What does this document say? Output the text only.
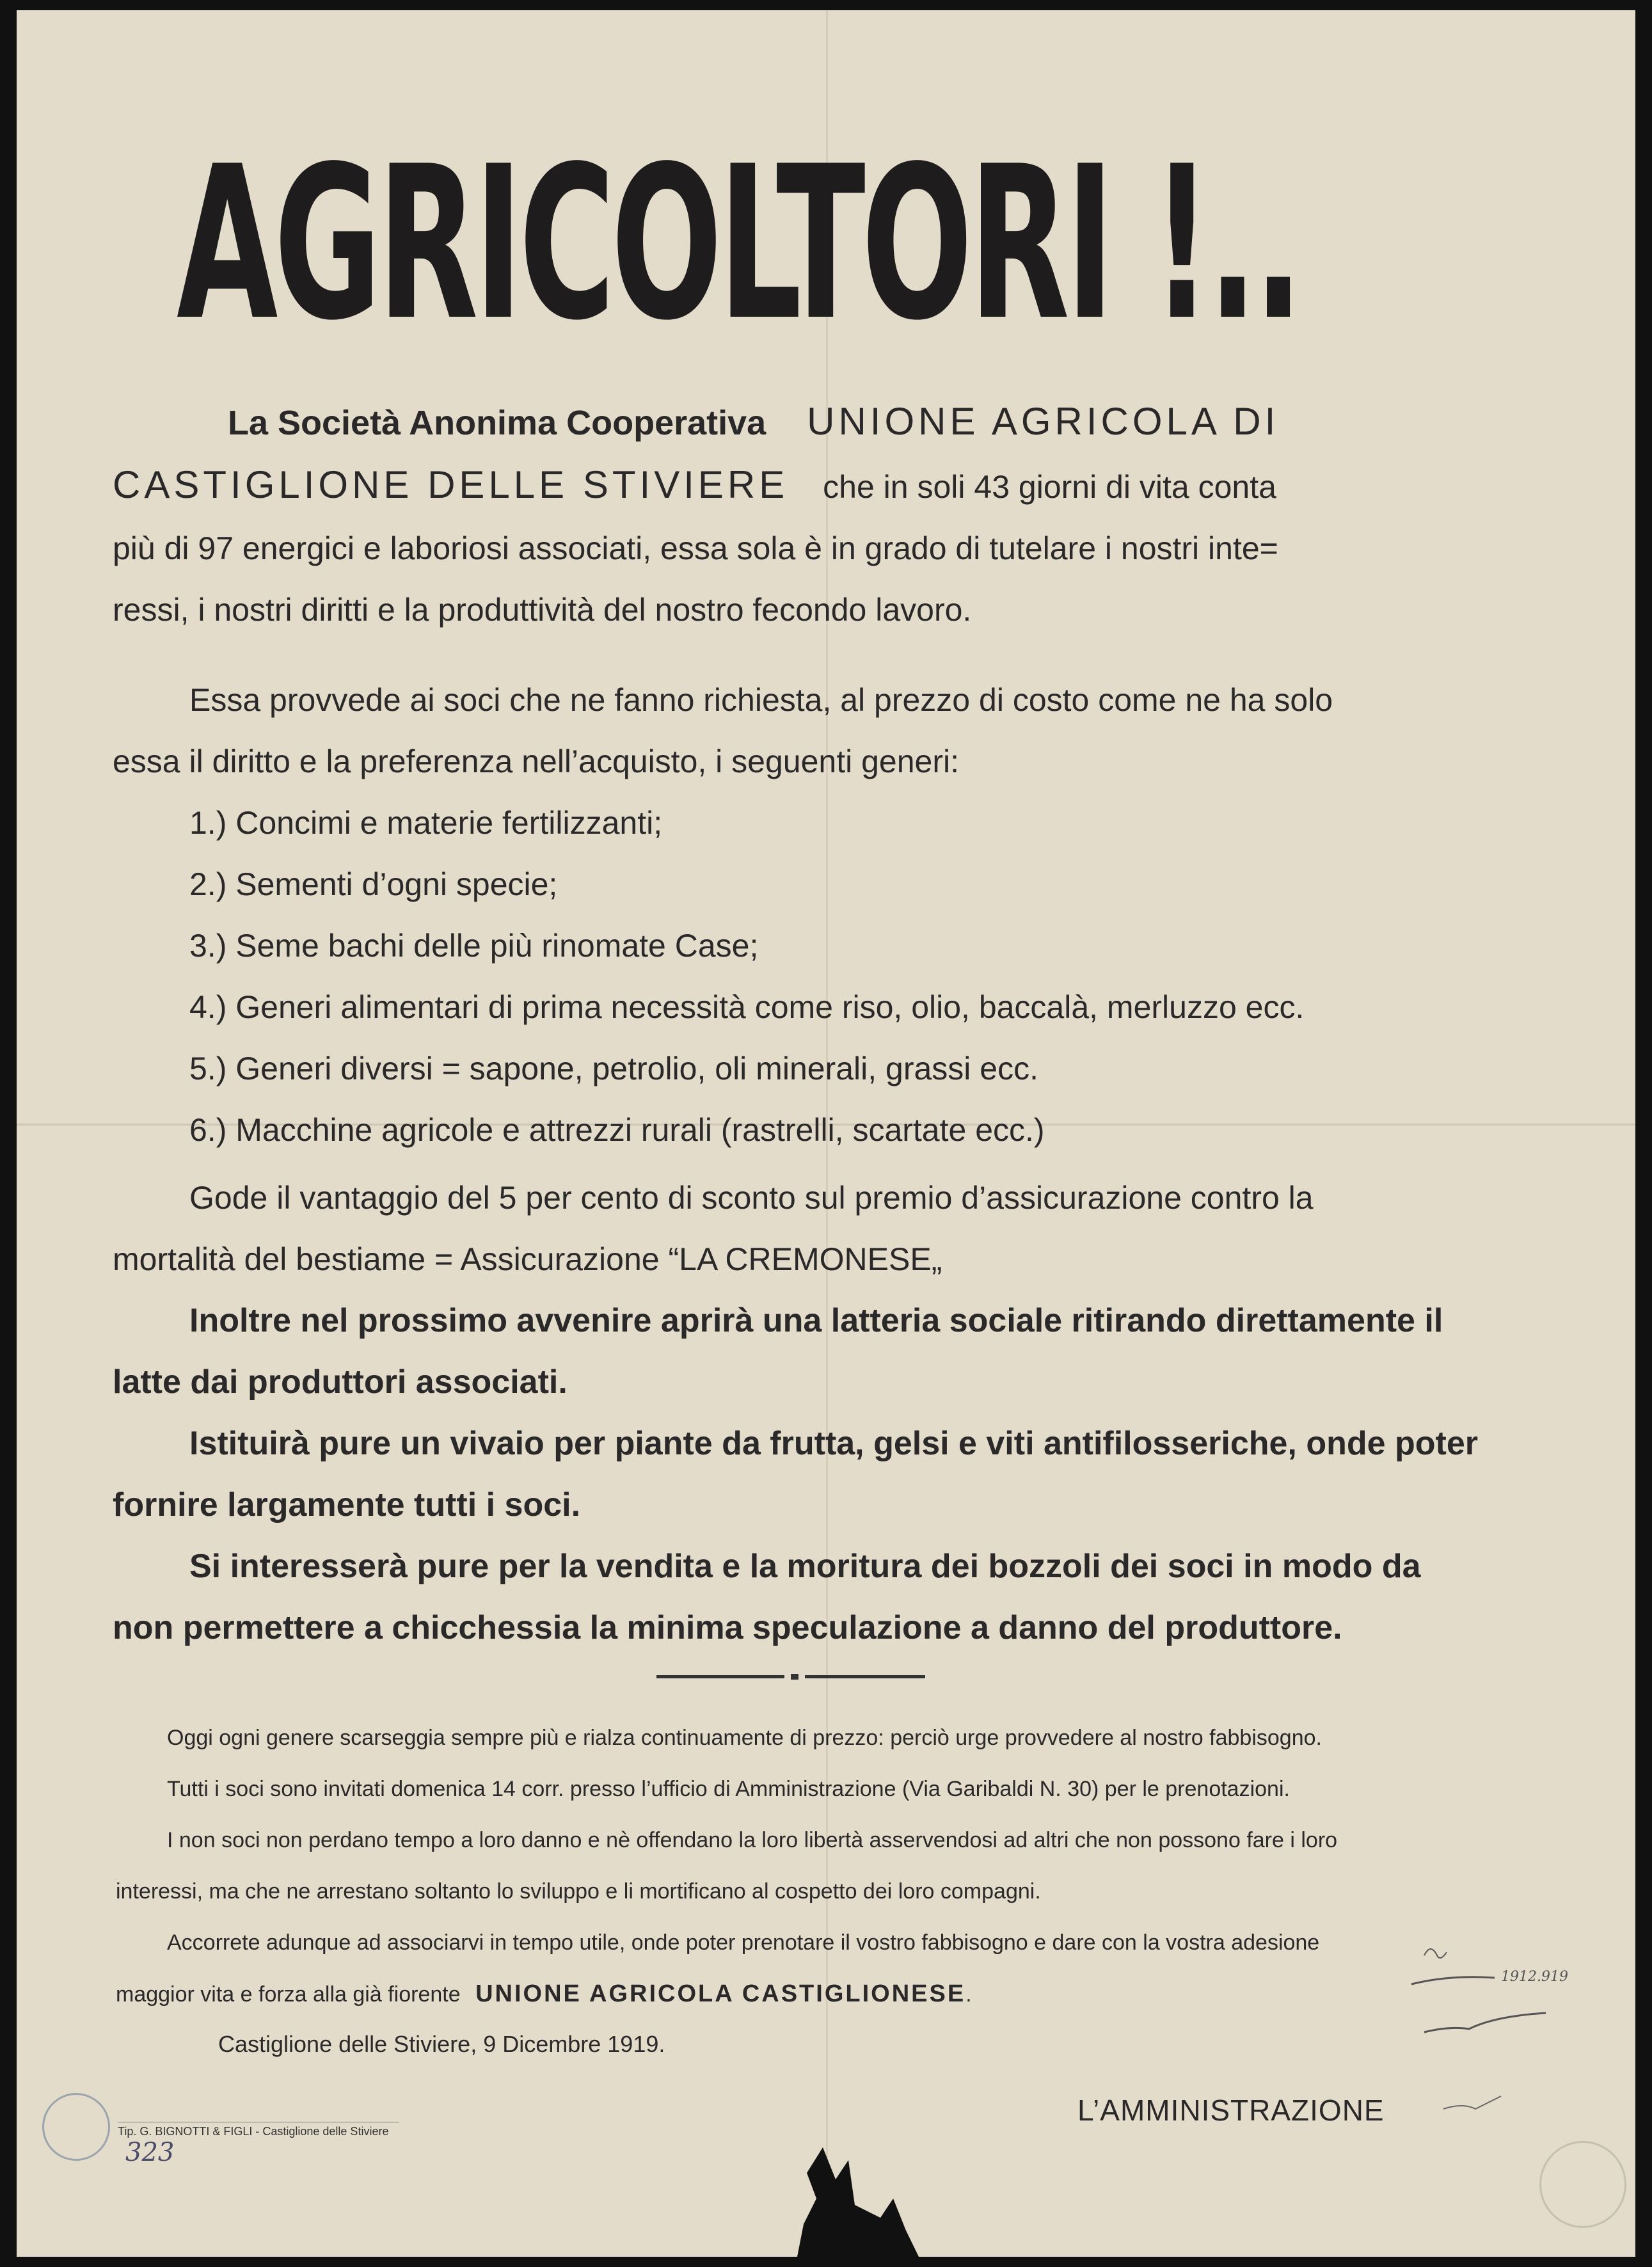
AGRICOLTORI !..
La Società Anonima Cooperativa UNIONE AGRICOLA DI
CASTIGLIONE DELLE STIVIERE che in soli 43 giorni di vita conta
più di 97 energici e laboriosi associati, essa sola è in grado di tutelare i nostri inte=
ressi, i nostri diritti e la produttività del nostro fecondo lavoro.
Essa provvede ai soci che ne fanno richiesta, al prezzo di costo come ne ha solo
essa il diritto e la preferenza nell’acquisto, i seguenti generi:
1.) Concimi e materie fertilizzanti;
2.) Sementi d’ogni specie;
3.) Seme bachi delle più rinomate Case;
4.) Generi alimentari di prima necessità come riso, olio, baccalà, merluzzo ecc.
5.) Generi diversi = sapone, petrolio, oli minerali, grassi ecc.
6.) Macchine agricole e attrezzi rurali (rastrelli, scartate ecc.)
Gode il vantaggio del 5 per cento di sconto sul premio d’assicurazione contro la
mortalità del bestiame = Assicurazione “LA CREMONESE„
Inoltre nel prossimo avvenire aprirà una latteria sociale ritirando direttamente il
latte dai produttori associati.
Istituirà pure un vivaio per piante da frutta, gelsi e viti antifilosseriche, onde poter
fornire largamente tutti i soci.
Si interesserà pure per la vendita e la moritura dei bozzoli dei soci in modo da
non permettere a chicchessia la minima speculazione a danno del produttore.
Oggi ogni genere scarseggia sempre più e rialza continuamente di prezzo: perciò urge provvedere al nostro fabbisogno.
Tutti i soci sono invitati domenica 14 corr. presso l’ufficio di Amministrazione (Via Garibaldi N. 30) per le prenotazioni.
I non soci non perdano tempo a loro danno e nè offendano la loro libertà asservendosi ad altri che non possono fare i loro
interessi, ma che ne arrestano soltanto lo sviluppo e li mortificano al cospetto dei loro compagni.
Accorrete adunque ad associarvi in tempo utile, onde poter prenotare il vostro fabbisogno e dare con la vostra adesione
maggior vita e forza alla già fiorente UNIONE AGRICOLA CASTIGLIONESE.
Castiglione delle Stiviere, 9 Dicembre 1919.
L’AMMINISTRAZIONE
Tip. G. BIGNOTTI & FIGLI - Castiglione delle Stiviere
323
1912.919
